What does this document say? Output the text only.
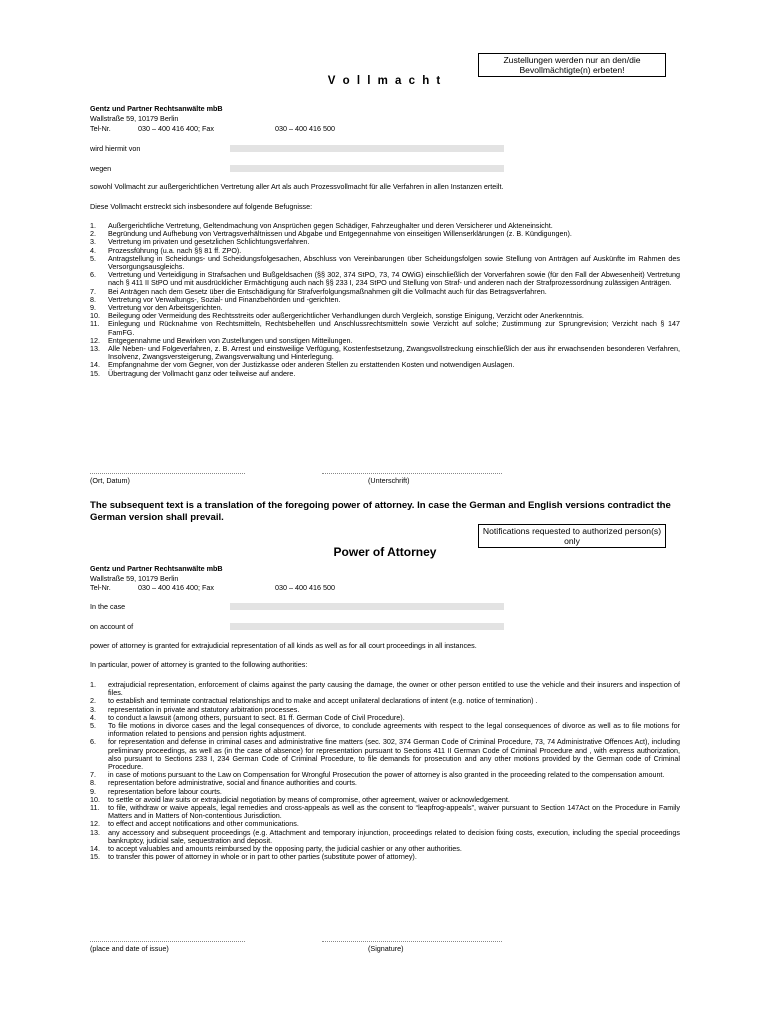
Zustellungen werden nur an den/die Bevollmächtigte(n) erbeten!
V o l l m a c h t
Gentz und Partner Rechtsanwälte mbB
Wallstraße 59, 10179 Berlin
Tel-Nr.	030 – 400 416 400; Fax	030 – 400 416 500
wird hiermit von
wegen
sowohl Vollmacht zur außergerichtlichen Vertretung aller Art als auch Prozessvollmacht für alle Verfahren in allen Instanzen erteilt.
Diese Vollmacht erstreckt sich insbesondere auf folgende Befugnisse:
1. Außergerichtliche Vertretung, Geltendmachung von Ansprüchen gegen Schädiger, Fahrzeughalter und deren Versicherer und Akteneinsicht.
2. Begründung und Aufhebung von Vertragsverhältnissen und Abgabe und Entgegennahme von einseitigen Willenserklärungen (z. B. Kündigungen).
3. Vertretung im privaten und gesetzlichen Schlichtungsverfahren.
4. Prozessführung (u.a. nach §§ 81 ff. ZPO).
5. Antragstellung in Scheidungs- und Scheidungsfolgesachen, Abschluss von Vereinbarungen über Scheidungsfolgen sowie Stellung von Anträgen auf Auskünfte im Rahmen des Versorgungsausgleichs.
6. Vertretung und Verteidigung in Strafsachen und Bußgeldsachen (§§ 302, 374 StPO, 73, 74 OWiG) einschließlich der Vorverfahren sowie (für den Fall der Abwesenheit) Vertretung nach § 411 II StPO und mit ausdrücklicher Ermächtigung auch nach §§ 233 I, 234 StPO und Stellung von Straf- und anderen nach der Strafprozessordnung zulässigen Anträgen.
7. Bei Anträgen nach dem Gesetz über die Entschädigung für Strafverfolgungsmaßnahmen gilt die Vollmacht auch für das Betragsverfahren.
8. Vertretung vor Verwaltungs-, Sozial- und Finanzbehörden und -gerichten.
9. Vertretung vor den Arbeitsgerichten.
10. Beilegung oder Vermeidung des Rechtsstreits oder außergerichtlicher Verhandlungen durch Vergleich, sonstige Einigung, Verzicht oder Anerkenntnis.
11. Einlegung und Rücknahme von Rechtsmitteln, Rechtsbehelfen und Anschlussrechtsmitteln sowie Verzicht auf solche; Zustimmung zur Sprungrevision; Verzicht nach § 147 FamFG.
12. Entgegennahme und Bewirken von Zustellungen und sonstigen Mitteilungen.
13. Alle Neben- und Folgeverfahren, z. B. Arrest und einstweilige Verfügung, Kostenfestsetzung, Zwangsvollstreckung einschließlich der aus ihr erwachsenden besonderen Verfahren, Insolvenz, Zwangsversteigerung, Zwangsverwaltung und Hinterlegung.
14. Empfangnahme der vom Gegner, von der Justizkasse oder anderen Stellen zu erstattenden Kosten und notwendigen Auslagen.
15. Übertragung der Vollmacht ganz oder teilweise auf andere.
(Ort, Datum)	(Unterschrift)
The subsequent text is a translation of the foregoing power of attorney. In case the German and English versions contradict the German version shall prevail.
Notifications requested to authorized person(s) only
Power of Attorney
Gentz und Partner Rechtsanwälte mbB
Wallstraße 59, 10179 Berlin
Tel-Nr.	030 – 400 416 400; Fax	030 – 400 416 500
In the case
on account of
power of attorney is granted for extrajudicial representation of all kinds as well as for all court proceedings in all instances.
In particular, power of attorney is granted to the following authorities:
1. extrajudicial representation, enforcement of claims against the party causing the damage, the owner or other person entitled to use the vehicle and their insurers and inspection of files.
2. to establish and terminate contractual relationships and to make and accept unilateral declarations of intent (e.g. notice of termination) .
3. representation in private and statutory arbitration processes.
4. to conduct a lawsuit (among others, pursuant to sect. 81 ff. German Code of Civil Procedure).
5. To file motions in divorce cases and the legal consequences of divorce, to conclude agreements with respect to the legal consequences of divorce as well as to file motions for information related to pensions and pension rights adjustment.
6. for representation and defense in criminal cases and administrative fine matters (sec. 302, 374 German Code of Criminal Procedure, 73, 74 Administrative Offences Act), including preliminary proceedings, as well as (in the case of absence) for representation pursuant to Sections 411 II German Code of Criminal Procedure and , with express authorization, also pursuant to Sections 233 I, 234 German Code of Criminal Procedure, to file demands for prosecution and any other motions provided by the German code of Criminal Procedure.
7. in case of motions pursuant to the Law on Compensation for Wrongful Prosecution the power of attorney is also granted in the proceeding related to the compensation amount.
8. representation before administrative, social and finance authorities and courts.
9. representation before labour courts.
10. to settle or avoid law suits or extrajudicial negotiation by means of compromise, other agreement, waiver or acknowledgement.
11. to file, withdraw or waive appeals, legal remedies and cross-appeals as well as the consent to “leapfrog-appeals”, waiver pursuant to Section 147Act on the Procedure in Family Matters and in Matters of Non-contentious Jurisdiction.
12. to effect and accept notifications and other communications.
13. any accessory and subsequent proceedings (e.g. Attachment and temporary injunction, proceedings related to decision fixing costs, execution, including the special proceedings bankruptcy, judicial sale, sequestration and deposit.
14. to accept valuables and amounts reimbursed by the opposing party, the judicial cashier or any other authorities.
15. to transfer this power of attorney in whole or in part to other parties (substitute power of attorney).
(place and date of issue)	(Signature)
